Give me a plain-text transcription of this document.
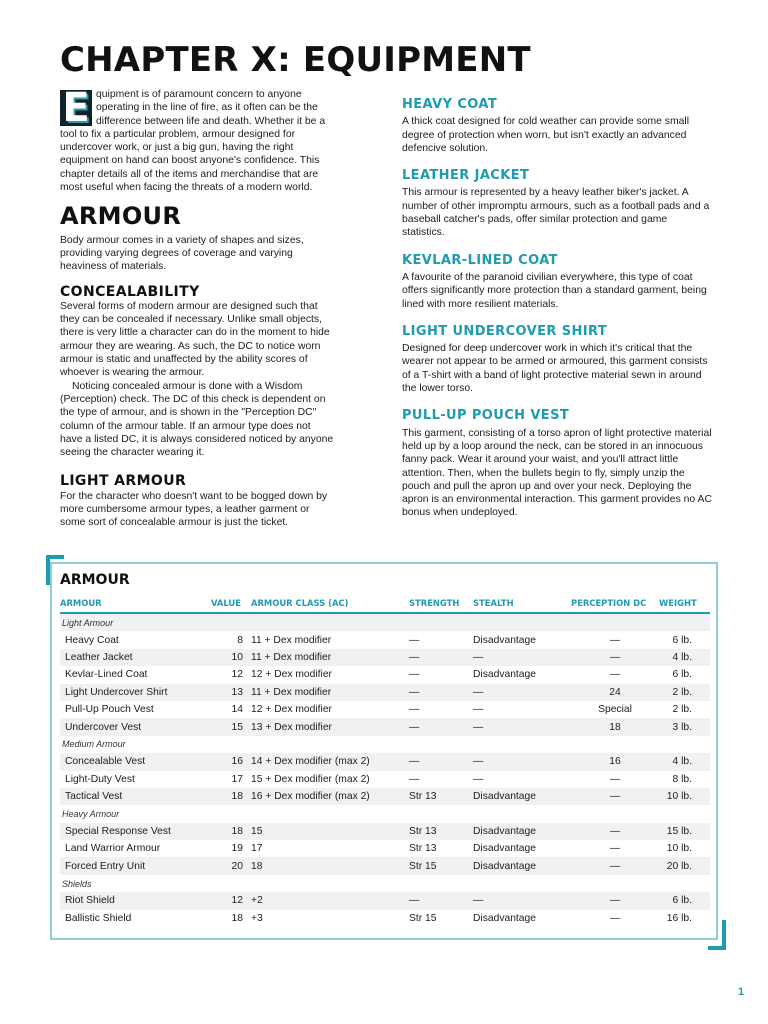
CHAPTER X: EQUIPMENT
E quipment is of paramount concern to anyone operating in the line of fire, as it often can be the difference between life and death. Whether it be a tool to fix a particular problem, armour designed for undercover work, or just a big gun, having the right equipment on hand can boost anyone's confidence. This chapter details all of the items and merchandise that are most useful when facing the threats of a modern world.

ARMOUR

Body armour comes in a variety of shapes and sizes, providing varying degrees of coverage and varying heaviness of materials.

CONCEALABILITY

Several forms of modern armour are designed such that they can be concealed if necessary. Unlike small objects, there is very little a character can do in the moment to hide armour they are wearing. As such, the DC to notice worn armour is static and unaffected by the ability scores of whoever is wearing the armour.

Noticing concealed armour is done with a Wisdom (Perception) check. The DC of this check is dependent on the type of armour, and is shown in the "Perception DC" column of the armour table. If an armour type does not have a listed DC, it is always considered noticed by anyone seeing the character wearing it.

LIGHT ARMOUR

For the character who doesn't want to be bogged down by more cumbersome armour types, a leather garment or some sort of concealable armour is just the ticket.

HEAVY COAT

A thick coat designed for cold weather can provide some small degree of protection when worn, but isn't exactly an advanced defencive solution.

LEATHER JACKET

This armour is represented by a heavy leather biker's jacket. A number of other impromptu armours, such as a football pads and a baseball catcher's pads, offer similar protection and game statistics.

KEVLAR-LINED COAT

A favourite of the paranoid civilian everywhere, this type of coat offers significantly more protection than a standard garment, being lined with more resilient materials.

LIGHT UNDERCOVER SHIRT

Designed for deep undercover work in which it's critical that the wearer not appear to be armed or armoured, this garment consists of a T-shirt with a band of light protective material sewn in around the lower torso.

PULL-UP POUCH VEST

This garment, consisting of a torso apron of light protective material held up by a loop around the neck, can be stored in an innocuous fanny pack. Wear it around your waist, and you'll attract little attention. Then, when the bullets begin to fly, simply unzip the pouch and pull the apron up and over your neck. Deploying the apron is an environmental interaction. This garment provides no AC bonus when undeployed.

ARMOUR
ARMOUR	VALUE	ARMOUR CLASS (AC)	STRENGTH	STEALTH	PERCEPTION DC	WEIGHT
Light Armour						
Heavy Coat	8	11 + Dex modifier	—	Disadvantage	—	6 lb.
Leather Jacket	10	11 + Dex modifier	—	—	—	4 lb.
Kevlar-Lined Coat	12	12 + Dex modifier	—	Disadvantage	—	6 lb.
Light Undercover Shirt	13	11 + Dex modifier	—	—	24	2 lb.
Pull-Up Pouch Vest	14	12 + Dex modifier	—	—	Special	2 lb.
Undercover Vest	15	13 + Dex modifier	—	—	18	3 lb.
Medium Armour						
Concealable Vest	16	14 + Dex modifier (max 2)	—	—	16	4 lb.
Light-Duty Vest	17	15 + Dex modifier (max 2)	—	—	—	8 lb.
Tactical Vest	18	16 + Dex modifier (max 2)	Str 13	Disadvantage	—	10 lb.
Heavy Armour						
Special Response Vest	18	15	Str 13	Disadvantage	—	15 lb.
Land Warrior Armour	19	17	Str 13	Disadvantage	—	10 lb.
Forced Entry Unit	20	18	Str 15	Disadvantage	—	20 lb.
Shields						
Riot Shield	12	+2	—	—	—	6 lb.
Ballistic Shield	18	+3	Str 15	Disadvantage	—	16 lb.
1
